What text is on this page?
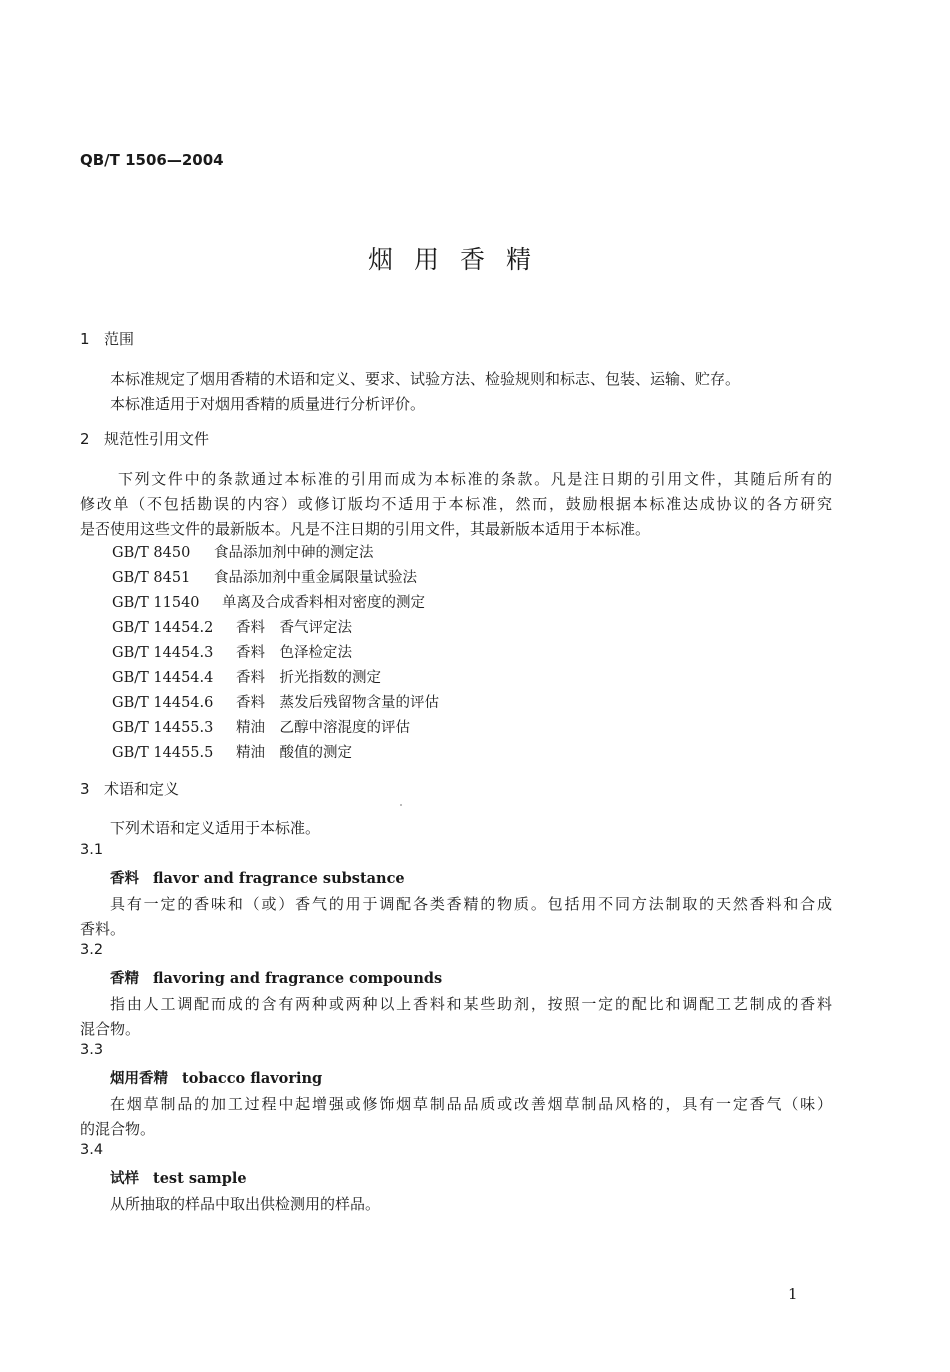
QB/T 1506—2004
烟用香精
1 范围
本标准规定了烟用香精的术语和定义、要求、试验方法、检验规则和标志、包装、运输、贮存。
本标准适用于对烟用香精的质量进行分析评价。
2 规范性引用文件
下列文件中的条款通过本标准的引用而成为本标准的条款。凡是注日期的引用文件，其随后所有的
修改单（不包括勘误的内容）或修订版均不适用于本标准，然而，鼓励根据本标准达成协议的各方研究
是否使用这些文件的最新版本。凡是不注日期的引用文件，其最新版本适用于本标准。
GB/T 8450 食品添加剂中砷的测定法
GB/T 8451 食品添加剂中重金属限量试验法
GB/T 11540 单离及合成香料相对密度的测定
GB/T 14454.2 香料　香气评定法
GB/T 14454.3 香料　色泽检定法
GB/T 14454.4 香料　折光指数的测定
GB/T 14454.6 香料　蒸发后残留物含量的评估
GB/T 14455.3 精油　乙醇中溶混度的评估
GB/T 14455.5 精油　酸值的测定
3 术语和定义
下列术语和定义适用于本标准。
3.1
香料 flavor and fragrance substance
具有一定的香味和（或）香气的用于调配各类香精的物质。包括用不同方法制取的天然香料和合成
香料。
3.2
香精 flavoring and fragrance compounds
指由人工调配而成的含有两种或两种以上香料和某些助剂，按照一定的配比和调配工艺制成的香料
混合物。
3.3
烟用香精 tobacco flavoring
在烟草制品的加工过程中起增强或修饰烟草制品品质或改善烟草制品风格的，具有一定香气（味）
的混合物。
3.4
试样 test sample
从所抽取的样品中取出供检测用的样品。
1
